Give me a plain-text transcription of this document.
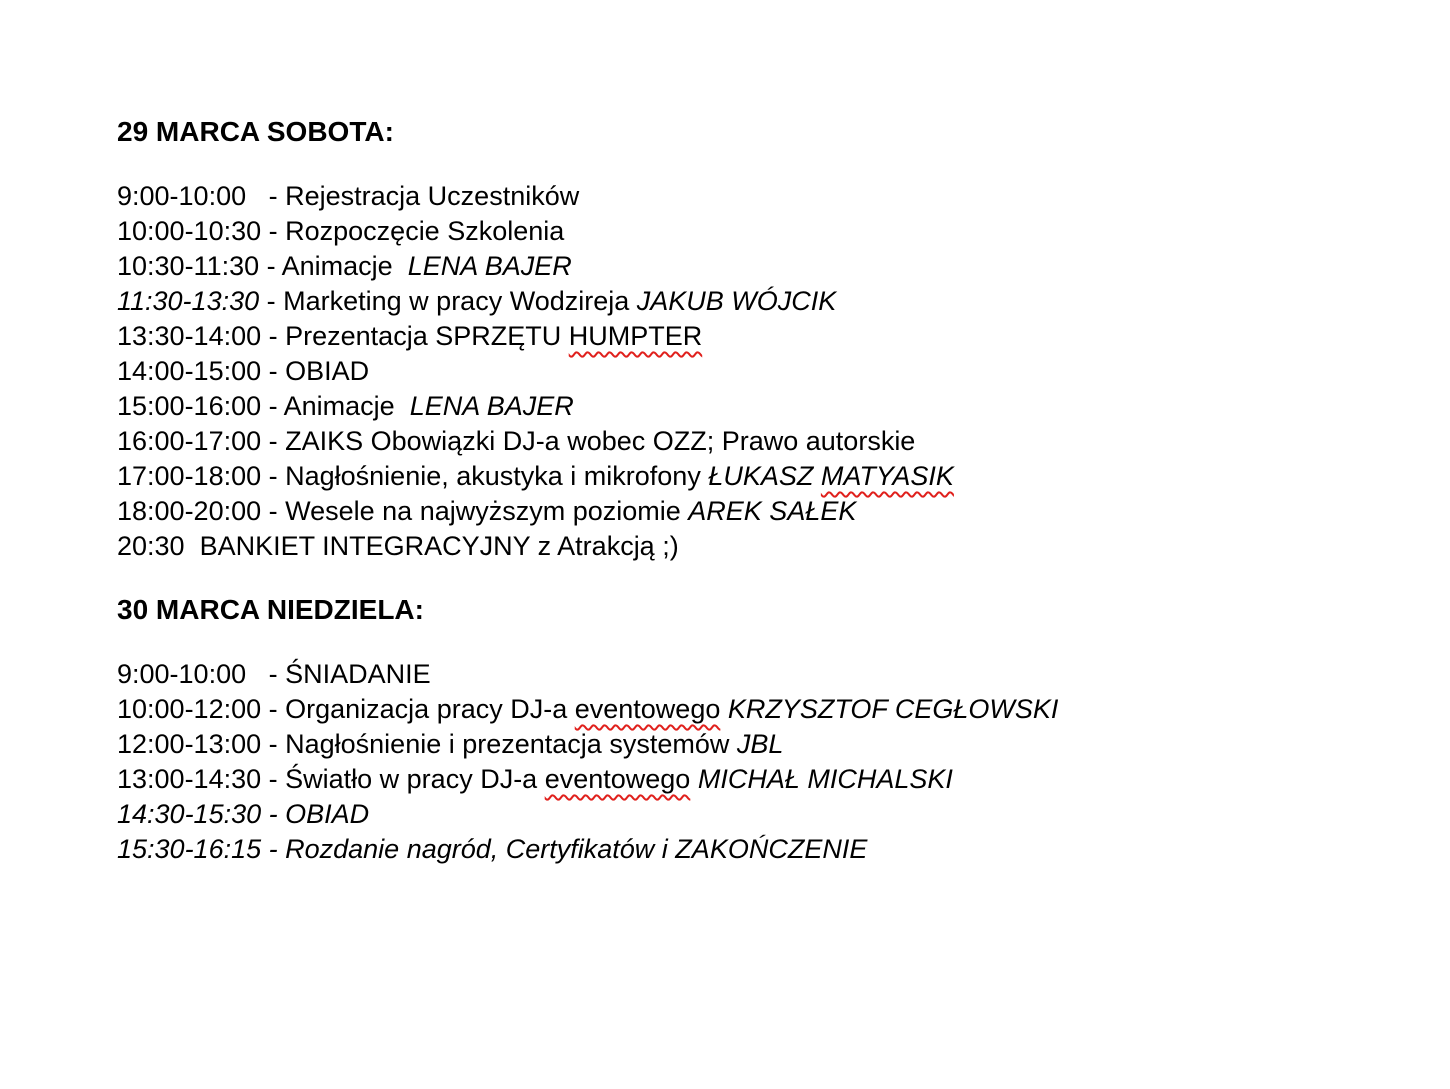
29 MARCA SOBOTA:
9:00-10:00   - Rejestracja Uczestników
10:00-10:30 - Rozpoczęcie Szkolenia
10:30-11:30 - Animacje  LENA BAJER
11:30-13:30 - Marketing w pracy Wodzireja JAKUB WÓJCIK
13:30-14:00 - Prezentacja SPRZĘTU HUMPTER
14:00-15:00 - OBIAD
15:00-16:00 - Animacje  LENA BAJER
16:00-17:00 - ZAIKS Obowiązki DJ-a wobec OZZ; Prawo autorskie
17:00-18:00 - Nagłośnienie, akustyka i mikrofony ŁUKASZ MATYASIK
18:00-20:00 - Wesele na najwyższym poziomie AREK SAŁEK
20:30  BANKIET INTEGRACYJNY z Atrakcją ;)
30 MARCA NIEDZIELA:
9:00-10:00   - ŚNIADANIE
10:00-12:00 - Organizacja pracy DJ-a eventowego KRZYSZTOF CEGŁOWSKI
12:00-13:00 - Nagłośnienie i prezentacja systemów JBL
13:00-14:30 - Światło w pracy DJ-a eventowego MICHAŁ MICHALSKI
14:30-15:30 - OBIAD
15:30-16:15 - Rozdanie nagród, Certyfikatów i ZAKOŃCZENIE
